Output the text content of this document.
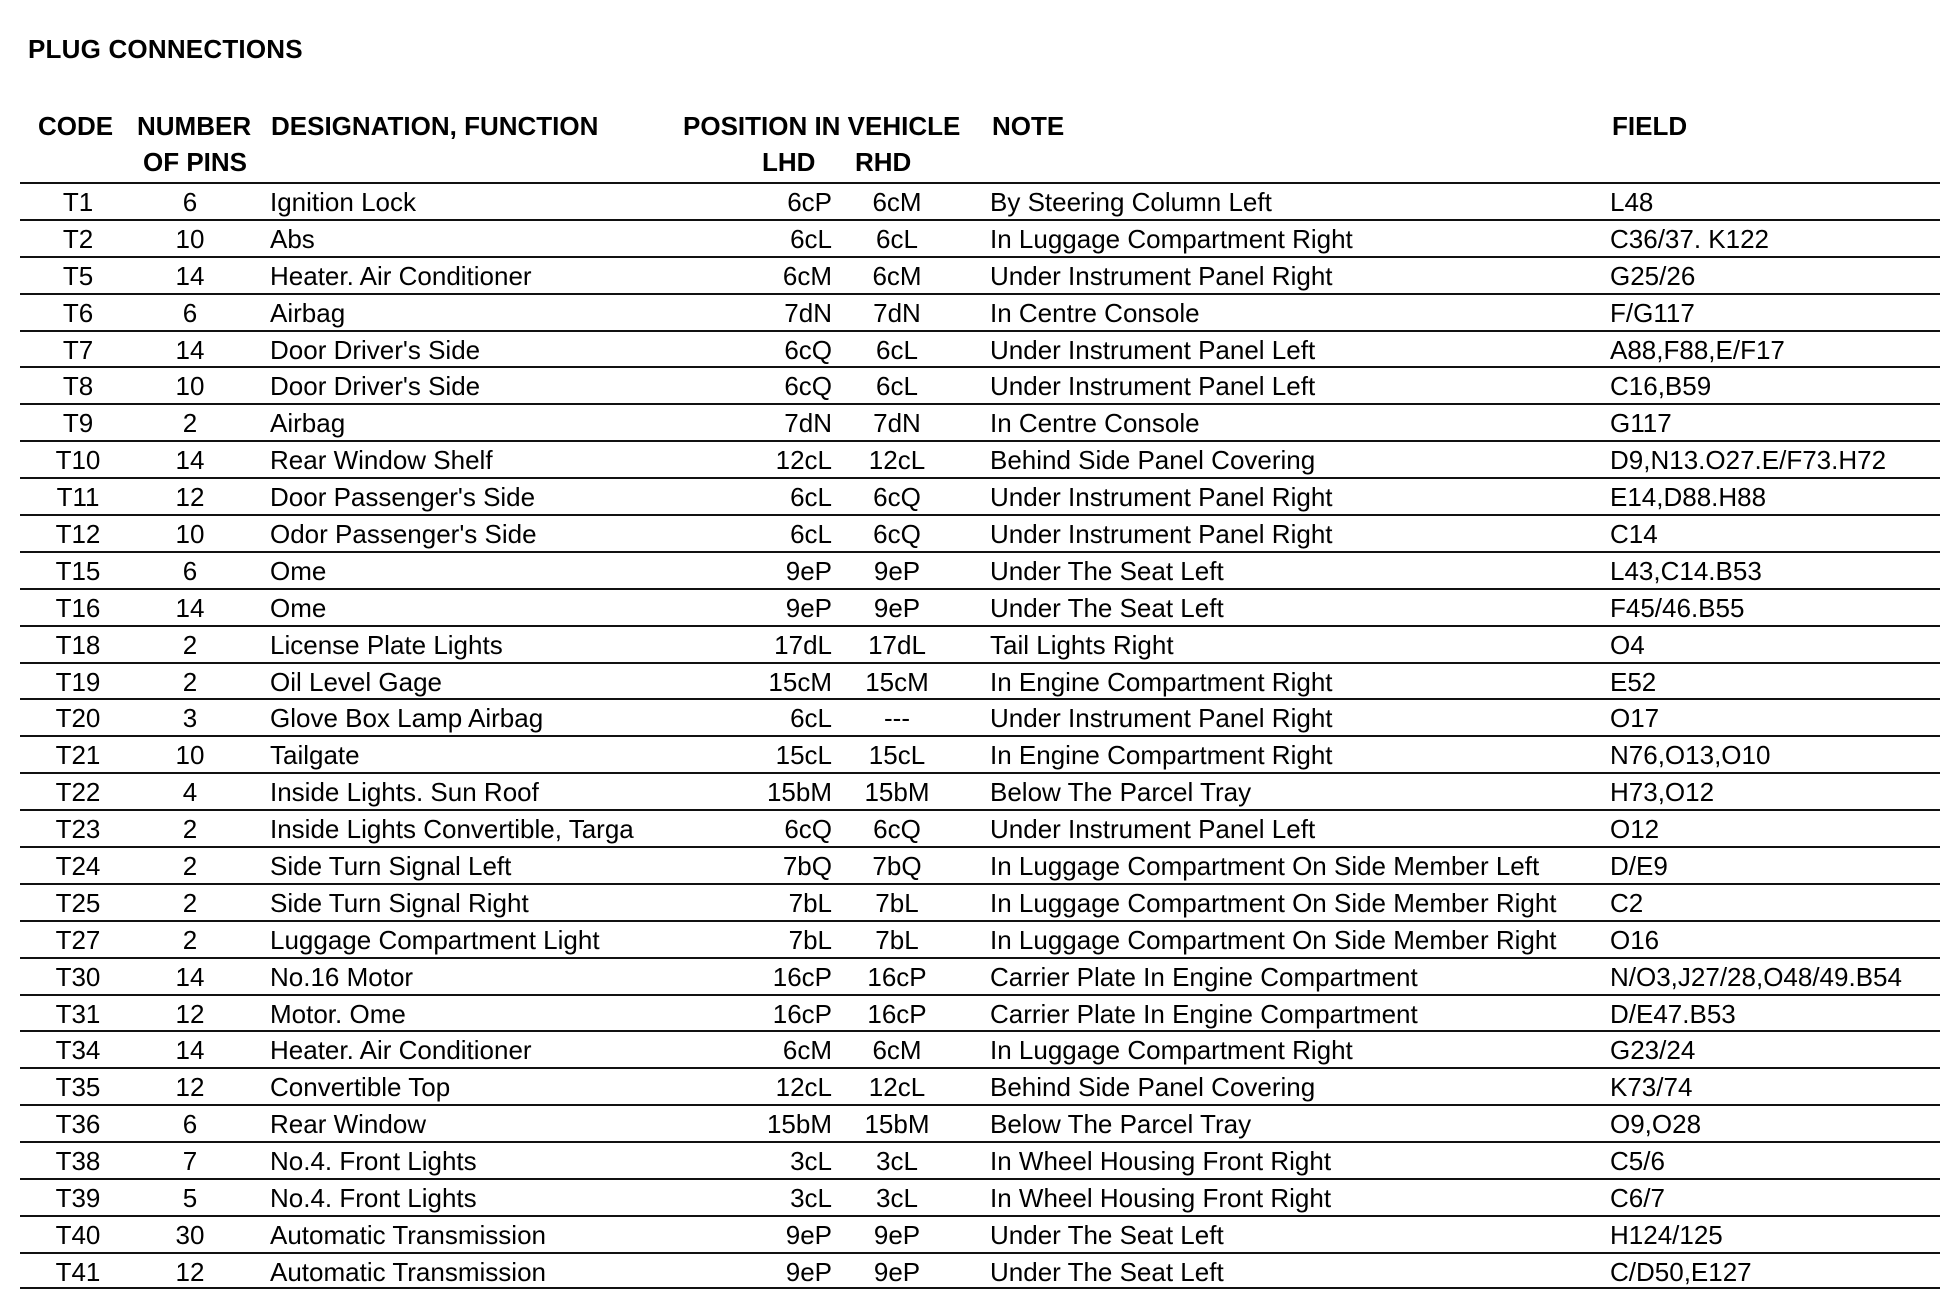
PLUG CONNECTIONS
CODE NUMBER
OF PINS
DESIGNATION, FUNCTION	POSITION IN VEHICLE
LHD RHD
NOTE	FIELD
T1	6	Ignition Lock	6cP	6cM	By Steering Column Left	L48
T2	10	Abs	6cL	6cL	In Luggage Compartment Right	C36/37. K122
T5	14	Heater. Air Conditioner	6cM	6cM	Under Instrument Panel Right	G25/26
T6	6	Airbag	7dN	7dN	In Centre Console	F/G117
T7	14	Door Driver's Side	6cQ	6cL	Under Instrument Panel Left	A88,F88,E/F17
T8	10	Door Driver's Side	6cQ	6cL	Under Instrument Panel Left	C16,B59
T9	2	Airbag	7dN	7dN	In Centre Console	G117
T10	14	Rear Window Shelf	12cL	12cL	Behind Side Panel Covering	D9,N13.O27.E/F73.H72
T11	12	Door Passenger's Side	6cL	6cQ	Under Instrument Panel Right	E14,D88.H88
T12	10	Odor Passenger's Side	6cL	6cQ	Under Instrument Panel Right	C14
T15	6	Ome	9eP	9eP	Under The Seat Left	L43,C14.B53
T16	14	Ome	9eP	9eP	Under The Seat Left	F45/46.B55
T18	2	License Plate Lights	17dL	17dL	Tail Lights Right	O4
T19	2	Oil Level Gage	15cM	15cM	In Engine Compartment Right	E52
T20	3	Glove Box Lamp Airbag	6cL	---	Under Instrument Panel Right	O17
T21	10	Tailgate	15cL	15cL	In Engine Compartment Right	N76,O13,O10
T22	4	Inside Lights. Sun Roof	15bM	15bM	Below The Parcel Tray	H73,O12
T23	2	Inside Lights Convertible, Targa	6cQ	6cQ	Under Instrument Panel Left	O12
T24	2	Side Turn Signal Left	7bQ	7bQ	In Luggage Compartment On Side Member Left	D/E9
T25	2	Side Turn Signal Right	7bL	7bL	In Luggage Compartment On Side Member Right C2
T27	2	Luggage Compartment Light	7bL	7bL	In Luggage Compartment On Side Member Right O16
T30	14	No.16 Motor	16cP	16cP	Carrier Plate In Engine Compartment	N/O3,J27/28,O48/49.B54
T31	12	Motor. Ome	16cP	16cP	Carrier Plate In Engine Compartment	D/E47.B53
T34	14	Heater. Air Conditioner	6cM	6cM	In Luggage Compartment Right	G23/24
T35	12	Convertible Top	12cL	12cL	Behind Side Panel Covering	K73/74
T36	6	Rear Window	15bM	15bM	Below The Parcel Tray	O9,O28
T38	7	No.4. Front Lights	3cL	3cL	In Wheel Housing Front Right	C5/6
T39	5	No.4. Front Lights	3cL	3cL	In Wheel Housing Front Right	C6/7
T40	30	Automatic Transmission	9eP	9eP	Under The Seat Left	H124/125
T41	12	Automatic Transmission	9eP	9eP	Under The Seat Left	C/D50,E127
